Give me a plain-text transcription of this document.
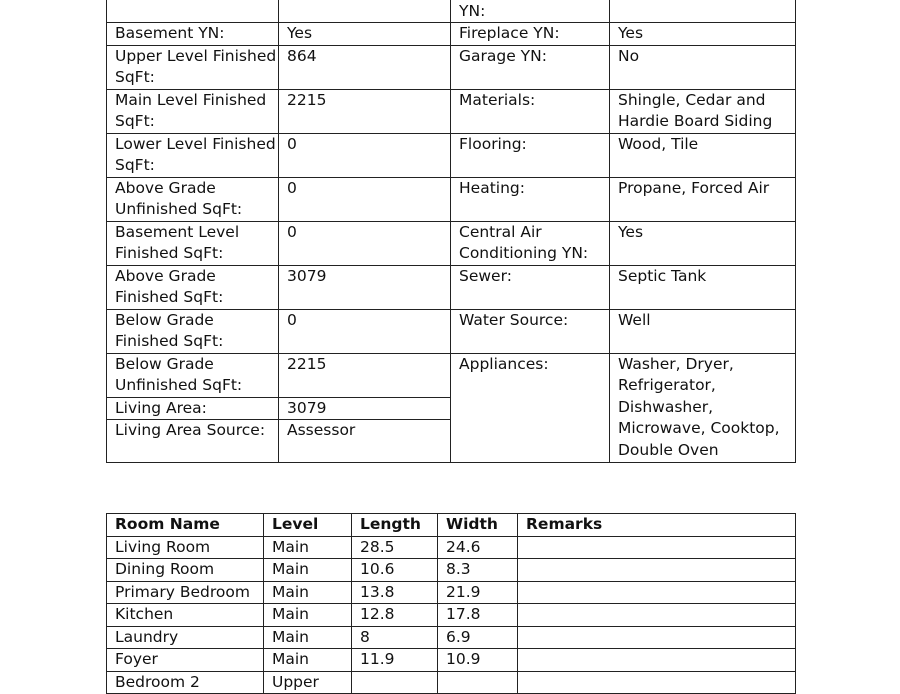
		YN:	
Basement YN:	Yes	Fireplace YN:	Yes
Upper Level Finished SqFt:	864	Garage YN:	No
Main Level Finished SqFt:	2215	Materials:	Shingle, Cedar and Hardie Board Siding
Lower Level Finished SqFt:	0	Flooring:	Wood, Tile
Above Grade Unfinished SqFt:	0	Heating:	Propane, Forced Air
Basement Level Finished SqFt:	0	Central Air Conditioning YN:	Yes
Above Grade Finished SqFt:	3079	Sewer:	Septic Tank
Below Grade Finished SqFt:	0	Water Source:	Well
Below Grade Unfinished SqFt:	2215	Appliances:	Washer, Dryer, Refrigerator, Dishwasher, Microwave, Cooktop, Double Oven
Living Area:	3079		
Living Area Source:	Assessor		
Room Name	Level	Length	Width	Remarks
Living Room	Main	28.5	24.6	
Dining Room	Main	10.6	8.3	
Primary Bedroom	Main	13.8	21.9	
Kitchen	Main	12.8	17.8	
Laundry	Main	8	6.9	
Foyer	Main	11.9	10.9	
Bedroom 2	Upper			
